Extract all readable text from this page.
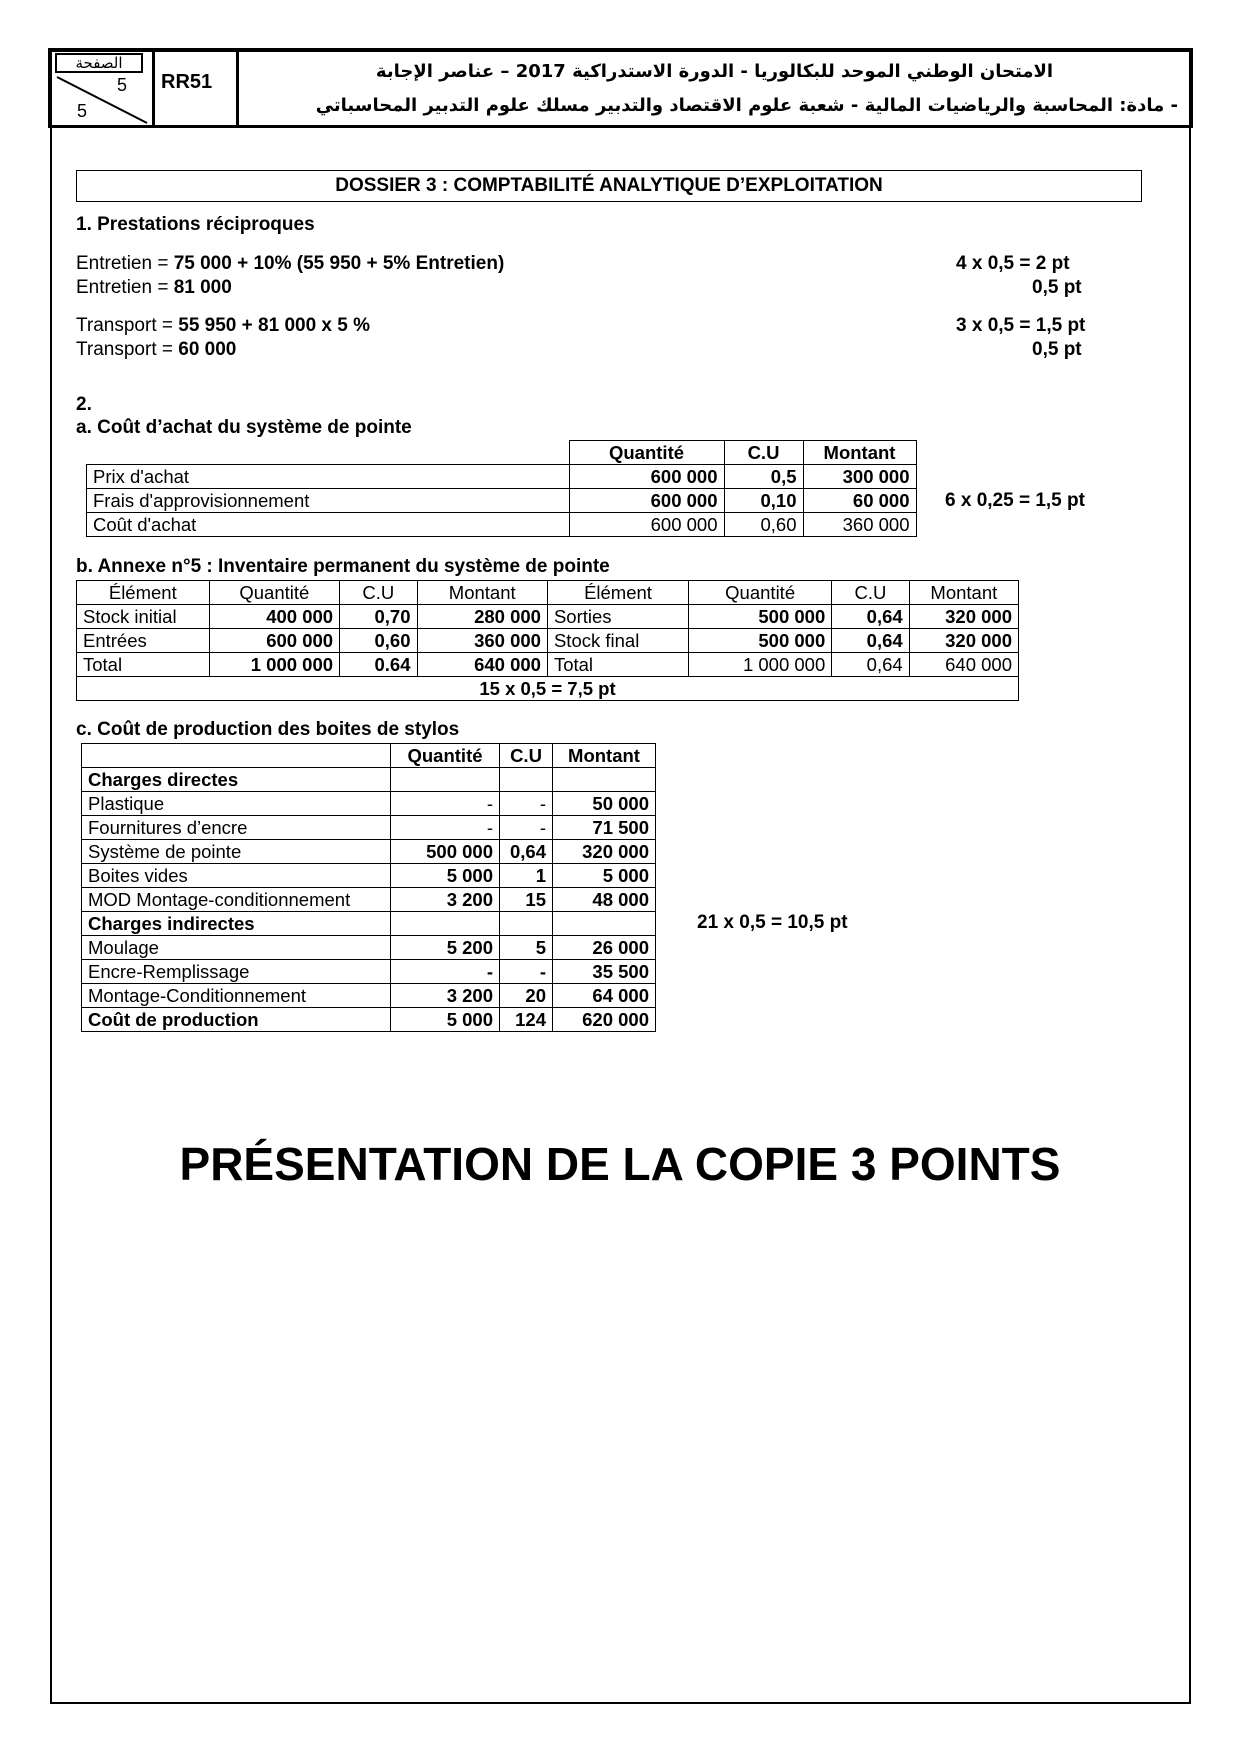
الصفحة
5
5
RR51	الامتحان الوطني الموحد للبكالوريا - الدورة الاستدراكية 2017 – عناصر الإجابة
- مادة: المحاسبة والرياضيات المالية - شعبة علوم الاقتصاد والتدبير مسلك علوم التدبير المحاسباتي
DOSSIER 3 : COMPTABILITÉ ANALYTIQUE D’EXPLOITATION
1. Prestations réciproques
Entretien = 75 000 + 10% (55 950 + 5% Entretien)	4 x 0,5 = 2 pt
Entretien = 81 000	0,5 pt
Transport = 55 950 + 81 000 x 5 %	3 x 0,5 = 1,5 pt
Transport = 60 000	0,5 pt
2.
a. Coût d’achat du système de pointe
	Quantité	C.U	Montant
Prix d'achat	600 000	0,5	300 000
Frais d'approvisionnement	600 000	0,10	60 000
Coût d'achat	600 000	0,60	360 000
6 x 0,25 = 1,5 pt
b. Annexe n°5 : Inventaire permanent du système de pointe
Élément	Quantité	C.U	Montant	Élément	Quantité	C.U	Montant
Stock initial	400 000	0,70	280 000	Sorties	500 000	0,64	320 000
Entrées	600 000	0,60	360 000	Stock final	500 000	0,64	320 000
Total	1 000 000	0.64	640 000	Total	1 000 000	0,64	640 000
15 x 0,5 = 7,5 pt							
c. Coût de production des boites de stylos
	Quantité	C.U	Montant
Charges directes			
Plastique	-	-	50 000
Fournitures d’encre	-	-	71 500
Système de pointe	500 000	0,64	320 000
Boites vides	5 000	1	5 000
MOD Montage-conditionnement	3 200	15	48 000
Charges indirectes			
Moulage	5 200	5	26 000
Encre-Remplissage	-	-	35 500
Montage-Conditionnement	3 200	20	64 000
Coût de production	5 000	124	620 000
21 x 0,5 = 10,5 pt
PRÉSENTATION DE LA COPIE 3 POINTS
